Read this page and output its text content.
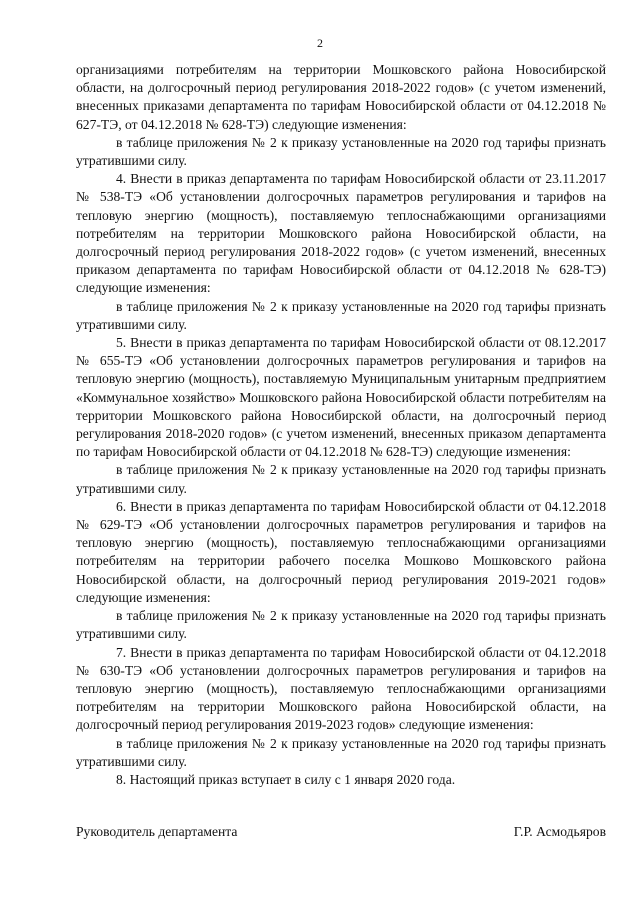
2

организациями потребителям на территории Мошковского района Новосибирской области, на долгосрочный период регулирования 2018-2022 годов» (с учетом изменений, внесенных приказами департамента по тарифам Новосибирской области от 04.12.2018 № 627-ТЭ, от 04.12.2018 № 628-ТЭ) следующие изменения:

в таблице приложения № 2 к приказу установленные на 2020 год тарифы признать утратившими силу.

4. Внести в приказ департамента по тарифам Новосибирской области от 23.11.2017 № 538-ТЭ «Об установлении долгосрочных параметров регулирования и тарифов на тепловую энергию (мощность), поставляемую теплоснабжающими организациями потребителям на территории Мошковского района Новосибирской области, на долгосрочный период регулирования 2018-2022 годов» (с учетом изменений, внесенных приказом департамента по тарифам Новосибирской области от 04.12.2018 № 628-ТЭ) следующие изменения:

в таблице приложения № 2 к приказу установленные на 2020 год тарифы признать утратившими силу.

5. Внести в приказ департамента по тарифам Новосибирской области от 08.12.2017 № 655-ТЭ «Об установлении долгосрочных параметров регулирования и тарифов на тепловую энергию (мощность), поставляемую Муниципальным унитарным предприятием «Коммунальное хозяйство» Мошковского района Новосибирской области потребителям на территории Мошковского района Новосибирской области, на долгосрочный период регулирования 2018-2020 годов» (с учетом изменений, внесенных приказом департамента по тарифам Новосибирской области от 04.12.2018 № 628-ТЭ) следующие изменения:

в таблице приложения № 2 к приказу установленные на 2020 год тарифы признать утратившими силу.

6. Внести в приказ департамента по тарифам Новосибирской области от 04.12.2018 № 629-ТЭ «Об установлении долгосрочных параметров регулирования и тарифов на тепловую энергию (мощность), поставляемую теплоснабжающими организациями потребителям на территории рабочего поселка Мошково Мошковского района Новосибирской области, на долгосрочный период регулирования 2019-2021 годов» следующие изменения:

в таблице приложения № 2 к приказу установленные на 2020 год тарифы признать утратившими силу.

7. Внести в приказ департамента по тарифам Новосибирской области от 04.12.2018 № 630-ТЭ «Об установлении долгосрочных параметров регулирования и тарифов на тепловую энергию (мощность), поставляемую теплоснабжающими организациями потребителям на территории Мошковского района Новосибирской области, на долгосрочный период регулирования 2019-2023 годов» следующие изменения:

в таблице приложения № 2 к приказу установленные на 2020 год тарифы признать утратившими силу.

8. Настоящий приказ вступает в силу с 1 января 2020 года.

Руководитель департамента	Г.Р. Асмодьяров
